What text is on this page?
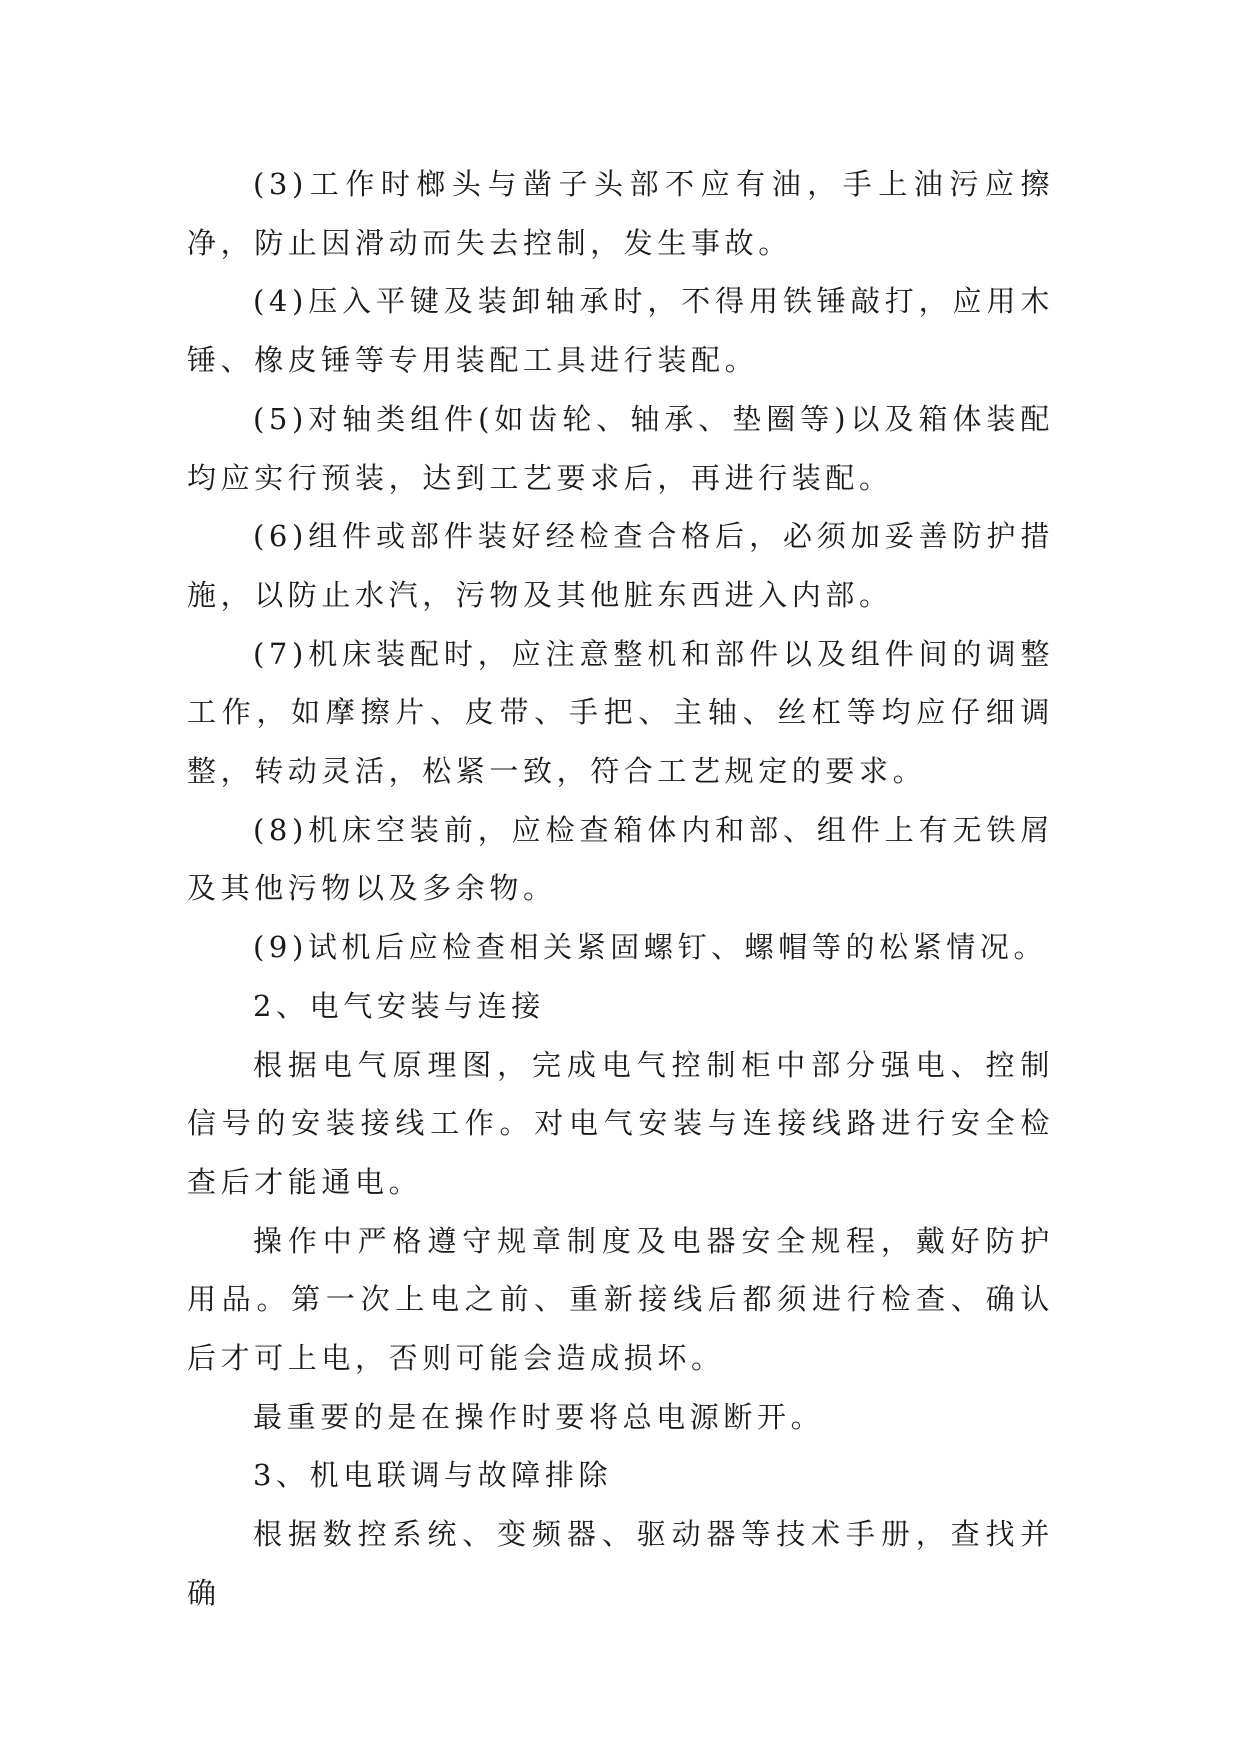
(3)工作时榔头与凿子头部不应有油，手上油污应擦净，防止因滑动而失去控制，发生事故。

(4)压入平键及装卸轴承时，不得用铁锤敲打，应用木锤、橡皮锤等专用装配工具进行装配。

(5)对轴类组件(如齿轮、轴承、垫圈等)以及箱体装配均应实行预装，达到工艺要求后，再进行装配。

(6)组件或部件装好经检查合格后，必须加妥善防护措施，以防止水汽，污物及其他脏东西进入内部。

(7)机床装配时，应注意整机和部件以及组件间的调整工作，如摩擦片、皮带、手把、主轴、丝杠等均应仔细调整，转动灵活，松紧一致，符合工艺规定的要求。

(8)机床空装前，应检查箱体内和部、组件上有无铁屑及其他污物以及多余物。

(9)试机后应检查相关紧固螺钉、螺帽等的松紧情况。

2、电气安装与连接

根据电气原理图，完成电气控制柜中部分强电、控制信号的安装接线工作。对电气安装与连接线路进行安全检查后才能通电。

操作中严格遵守规章制度及电器安全规程，戴好防护用品。第一次上电之前、重新接线后都须进行检查、确认后才可上电，否则可能会造成损坏。

最重要的是在操作时要将总电源断开。

3、机电联调与故障排除

根据数控系统、变频器、驱动器等技术手册，查找并确
